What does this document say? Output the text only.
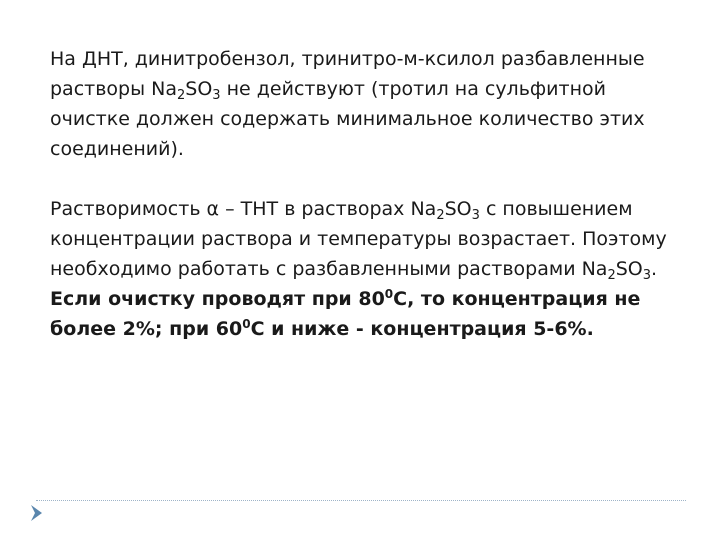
На ДНТ, динитробензол, тринитро-м-ксилол разбавленные растворы $Na_2SO_3$ не действуют (тротил на сульфитной очистке должен содержать минимальное количество этих соединений).

Растворимость α – ТНТ в растворах $Na_2SO_3$ с повышением концентрации раствора и температуры возрастает. Поэтому необходимо работать с разбавленными растворами $Na_2SO_3$.

Если очистку проводят при $80^0С$, то концентрация не более 2%; при $60^0С$ и ниже - концентрация 5-6%.
